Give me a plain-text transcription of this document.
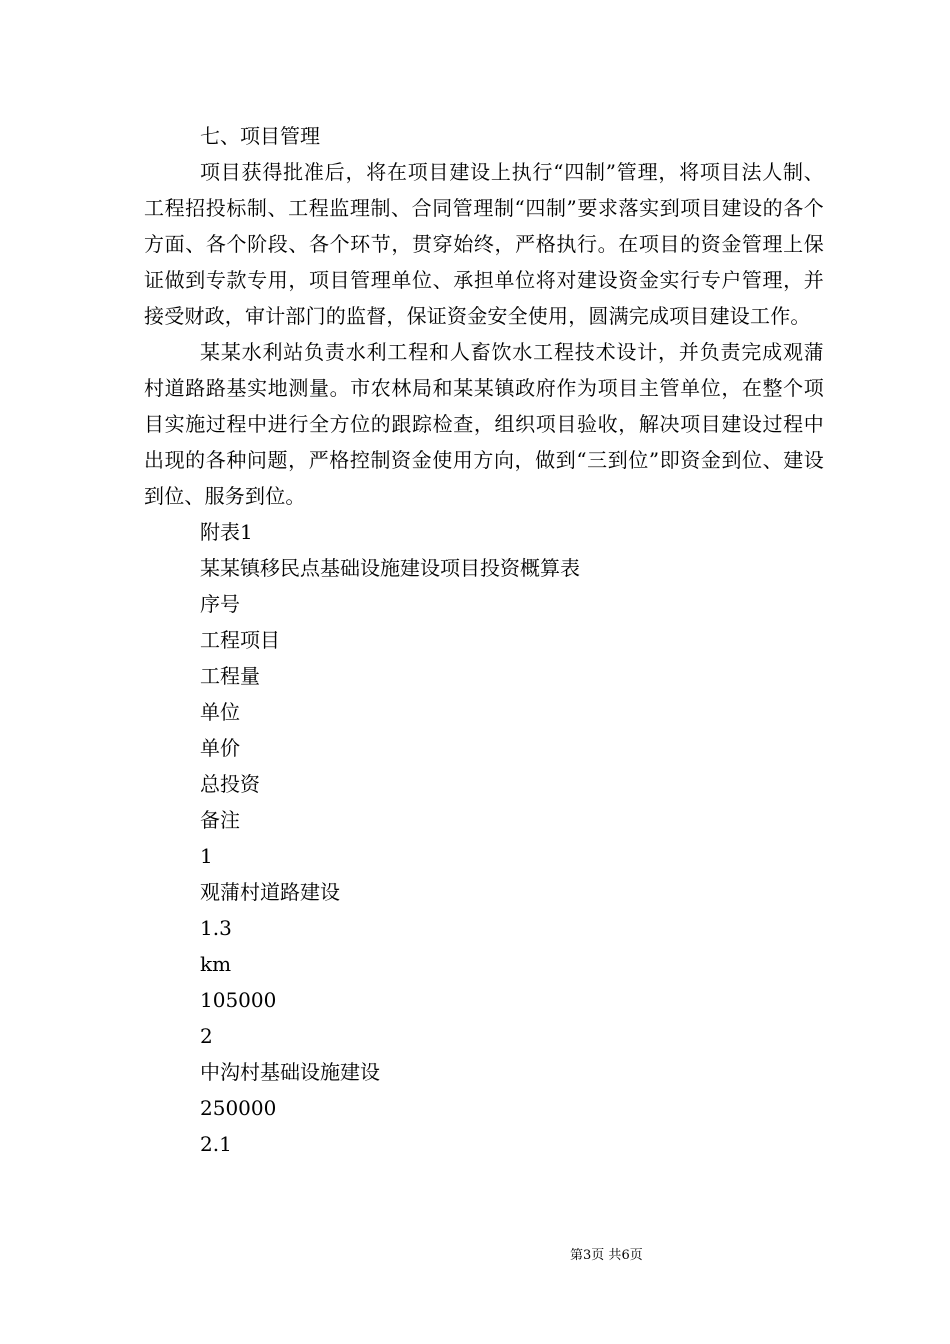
七、项目管理

项目获得批准后，将在项目建设上执行“四制”管理，将项目法人制、工程招投标制、工程监理制、合同管理制“四制”要求落实到项目建设的各个方面、各个阶段、各个环节，贯穿始终，严格执行。在项目的资金管理上保证做到专款专用，项目管理单位、承担单位将对建设资金实行专户管理，并接受财政，审计部门的监督，保证资金安全使用，圆满完成项目建设工作。

某某水利站负责水利工程和人畜饮水工程技术设计，并负责完成观蒲村道路路基实地测量。市农林局和某某镇政府作为项目主管单位，在整个项目实施过程中进行全方位的跟踪检查，组织项目验收，解决项目建设过程中出现的各种问题，严格控制资金使用方向，做到“三到位”即资金到位、建设到位、服务到位。

附表1

某某镇移民点基础设施建设项目投资概算表

序号

工程项目

工程量

单位

单价

总投资

备注

1

观蒲村道路建设

1.3

km

105000

2

中沟村基础设施建设

250000

2.1

第3页 共6页
